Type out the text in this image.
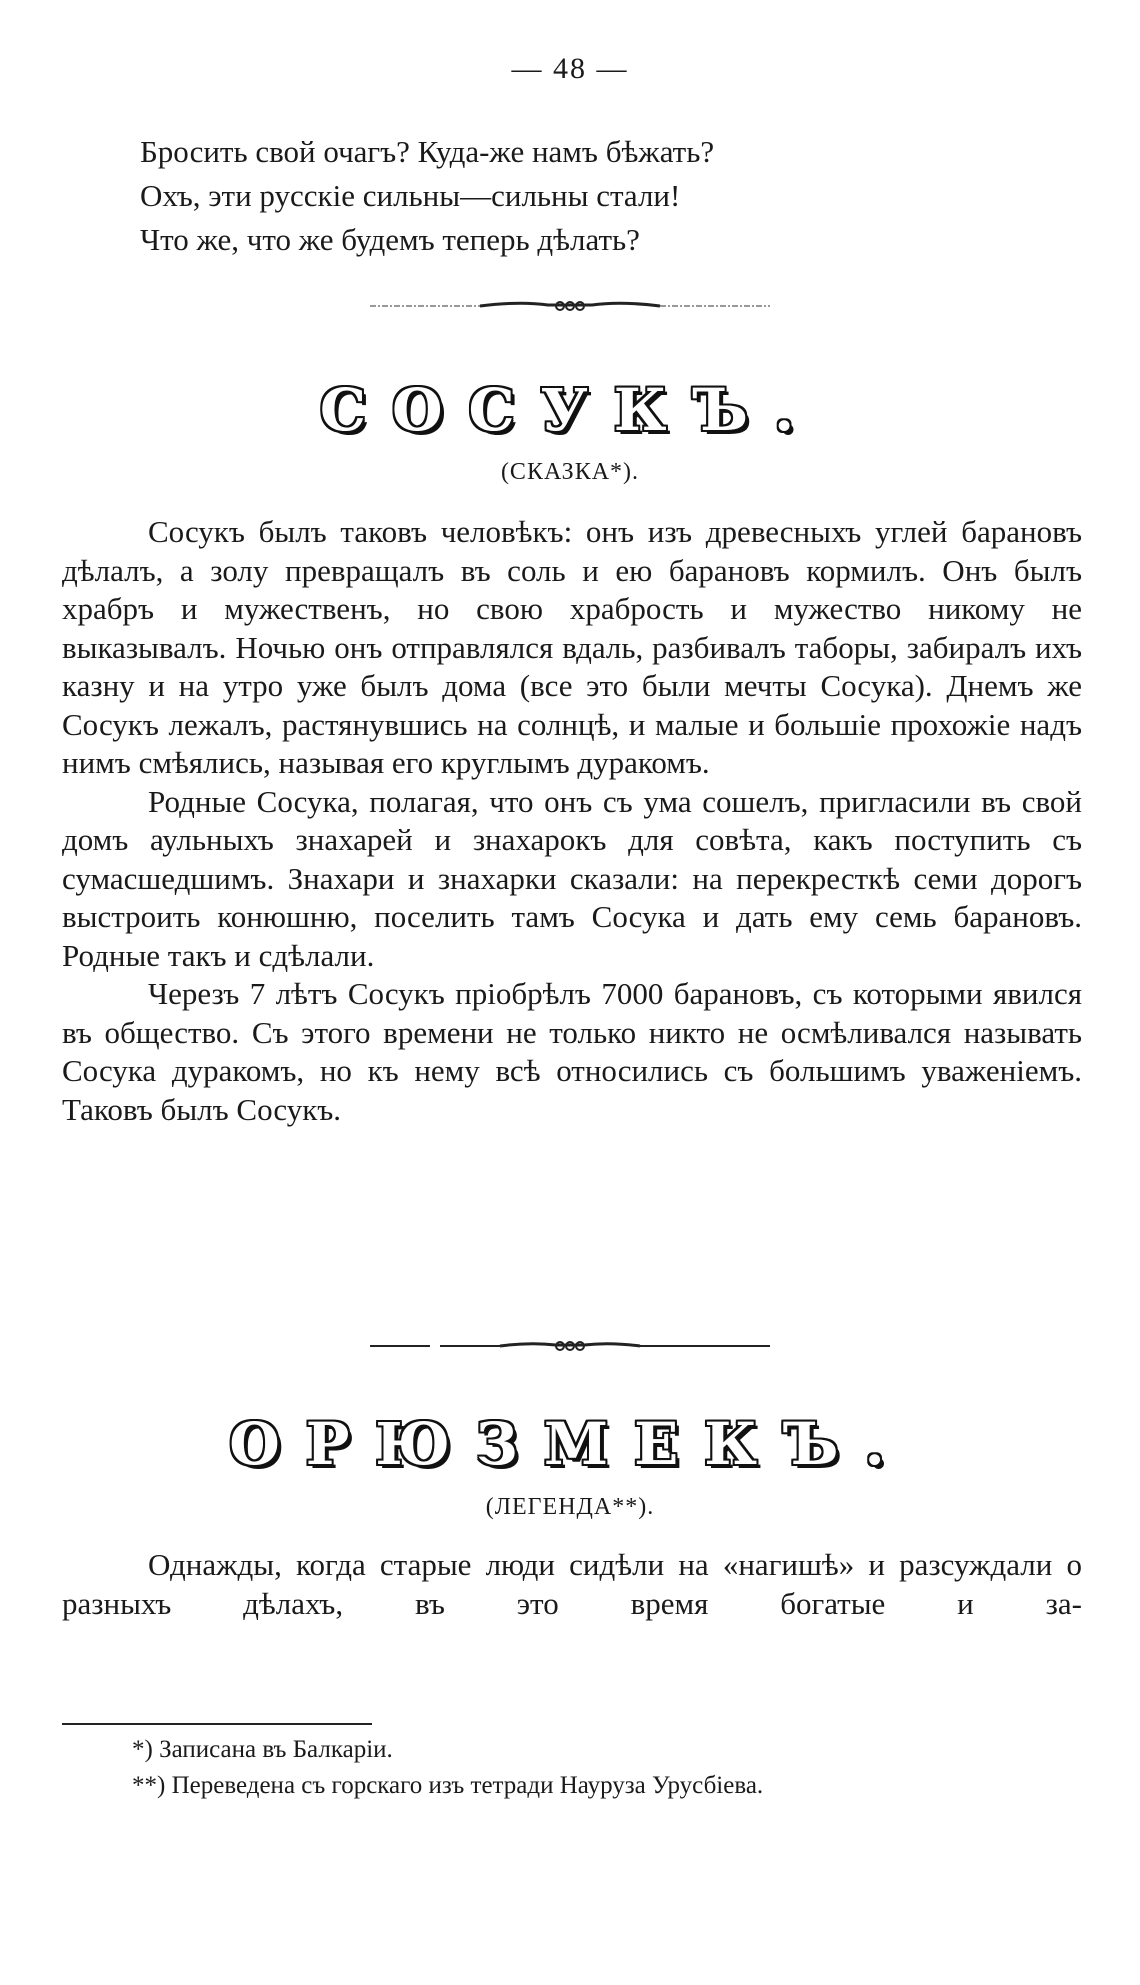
— 48 —
Бросить свой очагъ? Куда-же намъ бѣжать?
Охъ, эти русскіе сильны—сильны стали!
Что же, что же будемъ теперь дѣлать?
СОСУКЪ.
(СКАЗКА*).

Сосукъ былъ таковъ человѣкъ: онъ изъ древесныхъ углей барановъ дѣлалъ, а золу превращалъ въ соль и ею барановъ кормилъ. Онъ былъ храбръ и мужественъ, но свою храбрость и мужество никому не выказывалъ. Ночью онъ отправлялся вдаль, разбивалъ таборы, забиралъ ихъ казну и на утро уже былъ дома (все это были мечты Сосука). Днемъ же Сосукъ лежалъ, растянувшись на солнцѣ, и малые и большіе прохожіе надъ нимъ смѣялись, называя его круглымъ дуракомъ.

Родные Сосука, полагая, что онъ съ ума сошелъ, пригласили въ свой домъ аульныхъ знахарей и знахарокъ для совѣта, какъ поступить съ сумасшедшимъ. Знахари и знахарки сказали: на перекресткѣ семи дорогъ выстроить конюшню, поселить тамъ Сосука и дать ему семь барановъ. Родные такъ и сдѣлали.

Черезъ 7 лѣтъ Сосукъ пріобрѣлъ 7000 барановъ, съ которыми явился въ общество. Съ этого времени не только никто не осмѣливался называть Сосука дуракомъ, но къ нему всѣ относились съ большимъ уваженіемъ. Таковъ былъ Сосукъ.

ОРЮЗМЕКЪ.
(ЛЕГЕНДА**).

Однажды, когда старые люди сидѣли на «нагишѣ» и разсуждали о разныхъ дѣлахъ, въ это время богатые и за-

*) Записана въ Балкаріи.
**) Переведена съ горскаго изъ тетради Науруза Урусбіева.
